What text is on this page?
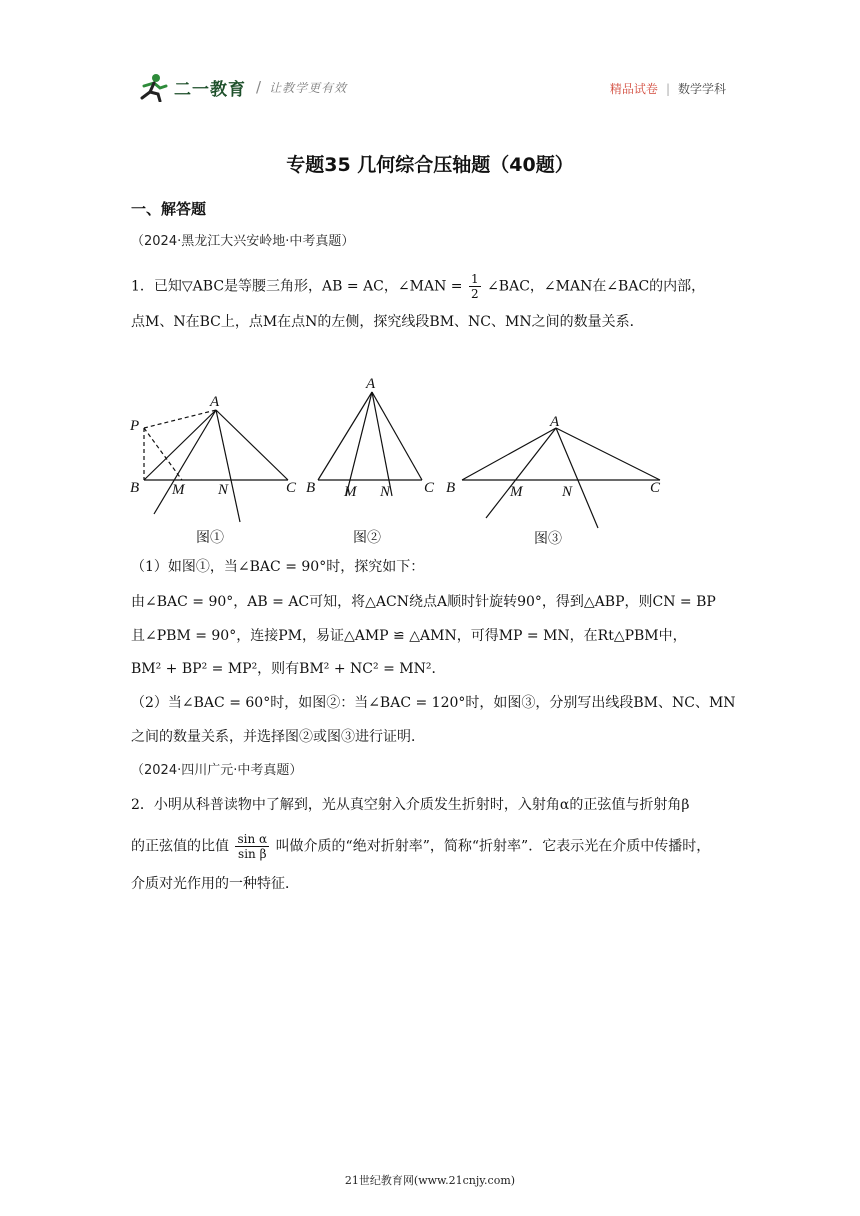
二一教育 / 让教学更有效	精品试卷 | 数学学科
专题35 几何综合压轴题（40题）
一、解答题
（2024·黑龙江大兴安岭地·中考真题）
1．已知▽ABC是等腰三角形，AB = AC，∠MAN = $\frac{1}{2}$ ∠BAC，∠MAN在∠BAC的内部，
点M、N在BC上，点M在点N的左侧，探究线段BM、NC、MN之间的数量关系．
P
A
B M N	C
A
B M N C
A
B	M	N	C
图①	图②	图③
（1）如图①，当∠BAC = 90°时，探究如下：
由∠BAC = 90°，AB = AC可知，将△ACN绕点A顺时针旋转90°，得到△ABP，则CN = BP
且∠PBM = 90°，连接PM，易证△AMP ≌ △AMN，可得MP = MN，在Rt△PBM中，
BM² + BP² = MP²，则有BM² + NC² = MN²．
（2）当∠BAC = 60°时，如图②：当∠BAC = 120°时，如图③，分别写出线段BM、NC、MN
之间的数量关系，并选择图②或图③进行证明．
（2024·四川广元·中考真题）
2．小明从科普读物中了解到，光从真空射入介质发生折射时，入射角α的正弦值与折射角β
的正弦值的比值 $\frac{\text{sin α}}{\text{sin β}}$ 叫做介质的“绝对折射率”，简称“折射率”．它表示光在介质中传播时，
介质对光作用的一种特征．
21世纪教育网(www.21cnjy.com)
